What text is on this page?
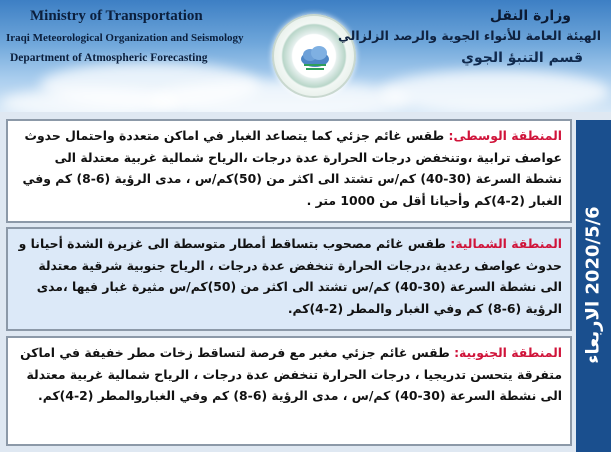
Ministry of Transportation
Iraqi Meteorological Organization and Seismology
Department of Atmospheric Forecasting
وزارة النقل
الهيئة العامة للأنواء الجوية والرصد الزلزالي
قسم التنبؤ الجوي
2020/5/6 الاربعاء
المنطقة الوسطى: طقس غائم جزئي كما يتصاعد الغبار في اماكن متعددة واحتمال حدوث عواصف ترابية ،وتنخفض درجات الحرارة عدة درجات ،الرياح شمالية غربية معتدلة الى نشطة السرعة (30-40) كم/س تشتد الى اكثر من (50)كم/س ، مدى الرؤية (6-8) كم وفي الغبار (2-4)كم وأحيانا أقل من 1000 متر .
المنطقة الشمالية: طقس غائم مصحوب بتساقط أمطار متوسطة الى غزيرة الشدة أحيانا و حدوث عواصف رعدية ،درجات الحرارة تنخفض عدة درجات ، الرياح جنوبية شرقية معتدلة الى نشطة السرعة (30-40) كم/س تشتد الى اكثر من (50)كم/س مثيرة غبار فيها ،مدى الرؤية (6-8) كم وفي الغبار والمطر (2-4)كم.
المنطقة الجنوبية: طقس غائم جزئي مغبر مع فرصة لتساقط زخات مطر خفيفة في اماكن متفرقة يتحسن تدريجيا ، درجات الحرارة تنخفض عدة درجات ، الرياح شمالية غربية معتدلة الى نشطة السرعة (30-40) كم/س ، مدى الرؤية (6-8) كم وفي الغباروالمطر (2-4)كم.
